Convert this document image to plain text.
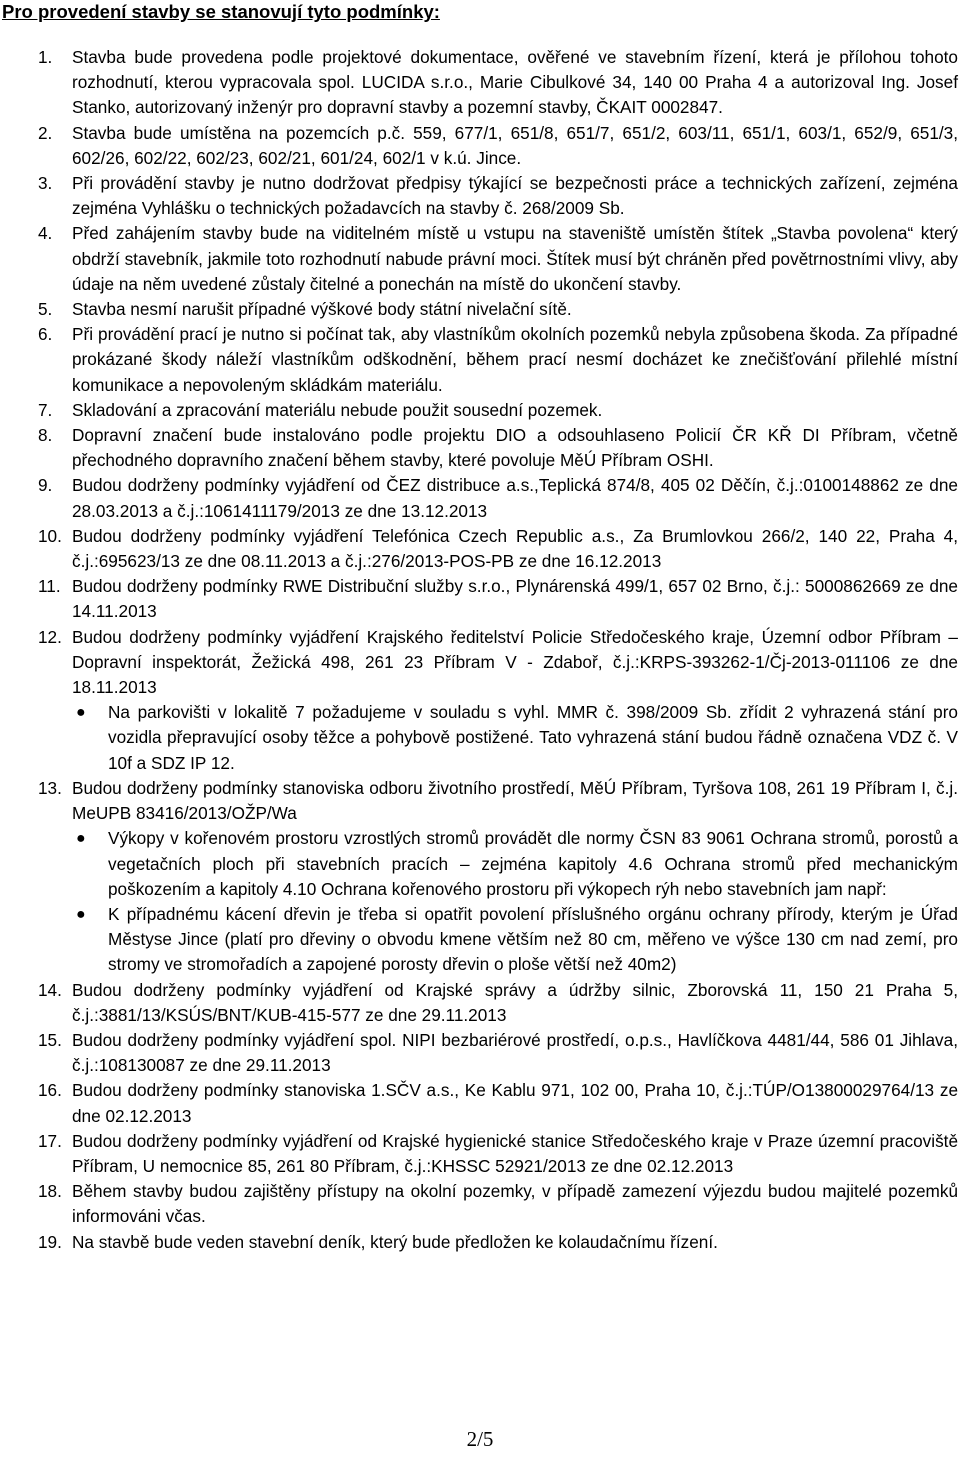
Pro provedení stavby se stanovují tyto podmínky:
1.	Stavba bude provedena podle projektové dokumentace, ověřené ve stavebním řízení, která je přílohou tohoto rozhodnutí, kterou vypracovala spol. LUCIDA s.r.o., Marie Cibulkové 34, 140 00 Praha 4 a autorizoval Ing. Josef Stanko, autorizovaný inženýr pro dopravní stavby a pozemní stavby, ČKAIT 0002847.
2.	Stavba bude umístěna na pozemcích p.č. 559, 677/1, 651/8, 651/7, 651/2, 603/11, 651/1, 603/1, 652/9, 651/3, 602/26, 602/22, 602/23, 602/21, 601/24, 602/1 v k.ú. Jince.
3.	Při provádění stavby je nutno dodržovat předpisy týkající se bezpečnosti práce a technických zařízení, zejména zejména Vyhlášku o technických požadavcích na stavby č. 268/2009 Sb.
4.	Před zahájením stavby bude na viditelném místě u vstupu na staveniště umístěn štítek „Stavba povolena“ který obdrží stavebník, jakmile toto rozhodnutí nabude právní moci. Štítek musí být chráněn před povětrnostními vlivy, aby údaje na něm uvedené zůstaly čitelné a ponechán na místě do ukončení stavby.
5.	Stavba nesmí narušit případné výškové body státní nivelační sítě.
6.	Při provádění prací je nutno si počínat tak, aby vlastníkům okolních pozemků nebyla způsobena škoda. Za případné prokázané škody náleží vlastníkům odškodnění, během prací nesmí docházet ke znečišťování přilehlé místní komunikace a nepovoleným skládkám materiálu.
7.	Skladování a zpracování materiálu nebude použit sousední pozemek.
8.	Dopravní značení bude instalováno podle projektu DIO a odsouhlaseno Policií ČR KŘ DI Příbram, včetně přechodného dopravního značení během stavby, které povoluje MěÚ Příbram OSHI.
9.	Budou dodrženy podmínky vyjádření od ČEZ distribuce a.s.,Teplická 874/8, 405 02 Děčín, č.j.:0100148862 ze dne 28.03.2013 a č.j.:1061411179/2013 ze dne 13.12.2013
10. Budou dodrženy podmínky vyjádření Telefónica Czech Republic a.s., Za Brumlovkou 266/2, 140 22, Praha 4, č.j.:695623/13 ze dne 08.11.2013 a č.j.:276/2013-POS-PB ze dne 16.12.2013
11. Budou dodrženy podmínky RWE Distribuční služby s.r.o., Plynárenská 499/1, 657 02 Brno, č.j.: 5000862669 ze dne 14.11.2013
12. Budou dodrženy podmínky vyjádření Krajského ředitelství Policie Středočeského kraje, Územní odbor Příbram – Dopravní inspektorát, Žežická 498, 261 23 Příbram V - Zdaboř, č.j.:KRPS-393262-1/Čj-2013-011106 ze dne 18.11.2013
●	Na parkovišti v lokalitě 7 požadujeme v souladu s vyhl. MMR č. 398/2009 Sb. zřídit 2 vyhrazená stání pro vozidla přepravující osoby těžce a pohybově postižené. Tato vyhrazená stání budou řádně označena VDZ č. V 10f a SDZ IP 12.
13. Budou dodrženy podmínky stanoviska odboru životního prostředí, MěÚ Příbram, Tyršova 108, 261 19 Příbram I, č.j. MeUPB 83416/2013/OŽP/Wa
●	Výkopy v kořenovém prostoru vzrostlých stromů provádět dle normy ČSN 83 9061 Ochrana stromů, porostů a vegetačních ploch při stavebních pracích – zejména kapitoly 4.6 Ochrana stromů před mechanickým poškozením a kapitoly 4.10 Ochrana kořenového prostoru při výkopech rýh nebo stavebních jam např:
●	K případnému kácení dřevin je třeba si opatřit povolení příslušného orgánu ochrany přírody, kterým je Úřad Městyse Jince (platí pro dřeviny o obvodu kmene větším než 80 cm, měřeno ve výšce 130 cm nad zemí, pro stromy ve stromořadích a zapojené porosty dřevin o ploše větší než 40m2)
14. Budou dodrženy podmínky vyjádření od Krajské správy a údržby silnic, Zborovská 11, 150 21 Praha 5, č.j.:3881/13/KSÚS/BNT/KUB-415-577 ze dne 29.11.2013
15. Budou dodrženy podmínky vyjádření spol. NIPI bezbariérové prostředí, o.p.s., Havlíčkova 4481/44, 586 01 Jihlava, č.j.:108130087 ze dne 29.11.2013
16. Budou dodrženy podmínky stanoviska 1.SČV a.s., Ke Kablu 971, 102 00, Praha 10, č.j.:TÚP/O13800029764/13 ze dne 02.12.2013
17. Budou dodrženy podmínky vyjádření od Krajské hygienické stanice Středočeského kraje v Praze územní pracoviště Příbram, U nemocnice 85, 261 80 Příbram, č.j.:KHSSC 52921/2013 ze dne 02.12.2013
18. Během stavby budou zajištěny přístupy na okolní pozemky, v případě zamezení výjezdu budou majitelé pozemků informováni včas.
19. Na stavbě bude veden stavební deník, který bude předložen ke kolaudačnímu řízení.
2/5
